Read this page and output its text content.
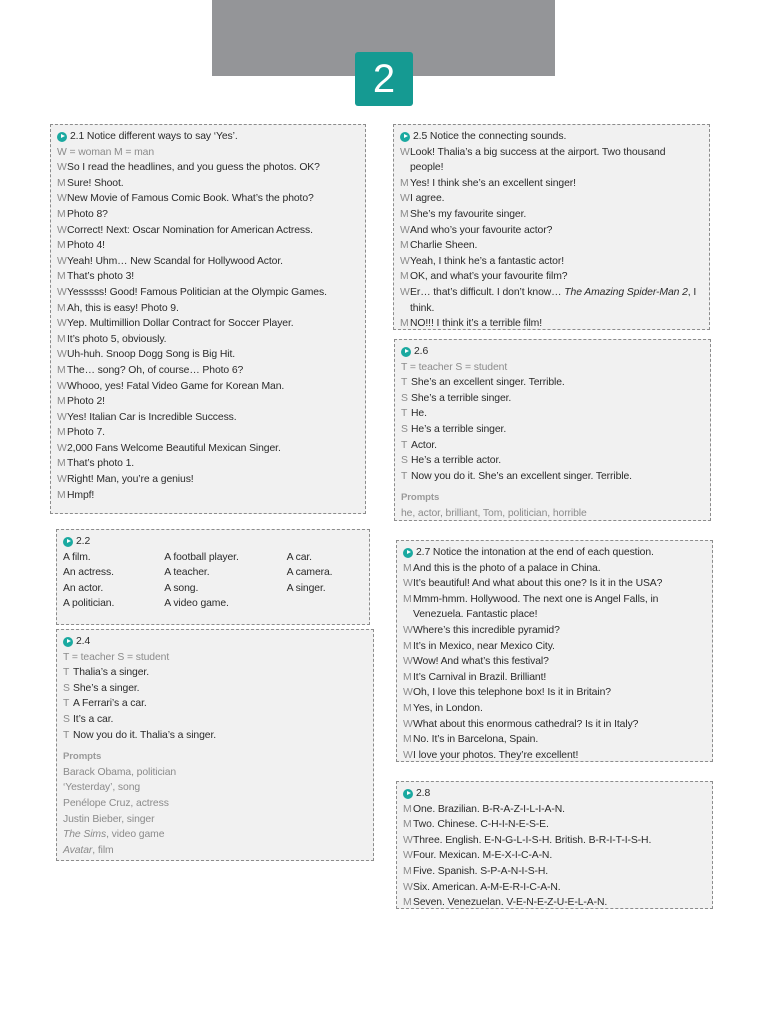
2
2.1 Notice different ways to say ‘Yes’.
W = woman M = man
W So I read the headlines, and you guess the photos. OK?
M Sure! Shoot.
W New Movie of Famous Comic Book. What’s the photo?
M Photo 8?
W Correct! Next: Oscar Nomination for American Actress.
M Photo 4!
W Yeah! Uhm… New Scandal for Hollywood Actor.
M That’s photo 3!
W Yesssss! Good! Famous Politician at the Olympic Games.
M Ah, this is easy! Photo 9.
W Yep. Multimillion Dollar Contract for Soccer Player.
M It’s photo 5, obviously.
W Uh-huh. Snoop Dogg Song is Big Hit.
M The… song? Oh, of course… Photo 6?
W Whooo, yes! Fatal Video Game for Korean Man.
M Photo 2!
W Yes! Italian Car is Incredible Success.
M Photo 7.
W 2,000 Fans Welcome Beautiful Mexican Singer.
M That’s photo 1.
W Right! Man, you’re a genius!
M Hmpf!
2.2
A film.	A football player.	A car.
An actress.	A teacher.	A camera.
An actor.	A song.	A singer.
A politician.	A video game.
2.4
T = teacher S = student
T Thalia’s a singer.
S She’s a singer.
T A Ferrari’s a car.
S It’s a car.
T Now you do it. Thalia’s a singer.
Prompts
Barack Obama, politician
‘Yesterday’, song
Penélope Cruz, actress
Justin Bieber, singer
The Sims, video game
Avatar, film
2.5 Notice the connecting sounds.
W Look! Thalia’s a big success at the airport. Two thousand people!
M Yes! I think she’s an excellent singer!
W I agree.
M She’s my favourite singer.
W And who’s your favourite actor?
M Charlie Sheen.
W Yeah, I think he’s a fantastic actor!
M OK, and what’s your favourite film?
W Er… that’s difficult. I don’t know… The Amazing Spider-Man 2, I think.
M NO!!! I think it’s a terrible film!
2.6
T = teacher S = student
T She’s an excellent singer. Terrible.
S She’s a terrible singer.
T He.
S He’s a terrible singer.
T Actor.
S He’s a terrible actor.
T Now you do it. She’s an excellent singer. Terrible.
Prompts
he, actor, brilliant, Tom, politician, horrible
2.7 Notice the intonation at the end of each question.
M And this is the photo of a palace in China.
W It’s beautiful! And what about this one? Is it in the USA?
M Mmm-hmm. Hollywood. The next one is Angel Falls, in Venezuela. Fantastic place!
W Where’s this incredible pyramid?
M It’s in Mexico, near Mexico City.
W Wow! And what’s this festival?
M It’s Carnival in Brazil. Brilliant!
W Oh, I love this telephone box! Is it in Britain?
M Yes, in London.
W What about this enormous cathedral? Is it in Italy?
M No. It’s in Barcelona, Spain.
W I love your photos. They’re excellent!
2.8
M One. Brazilian. B-R-A-Z-I-L-I-A-N.
M Two. Chinese. C-H-I-N-E-S-E.
W Three. English. E-N-G-L-I-S-H. British. B-R-I-T-I-S-H.
W Four. Mexican. M-E-X-I-C-A-N.
M Five. Spanish. S-P-A-N-I-S-H.
W Six. American. A-M-E-R-I-C-A-N.
M Seven. Venezuelan. V-E-N-E-Z-U-E-L-A-N.
